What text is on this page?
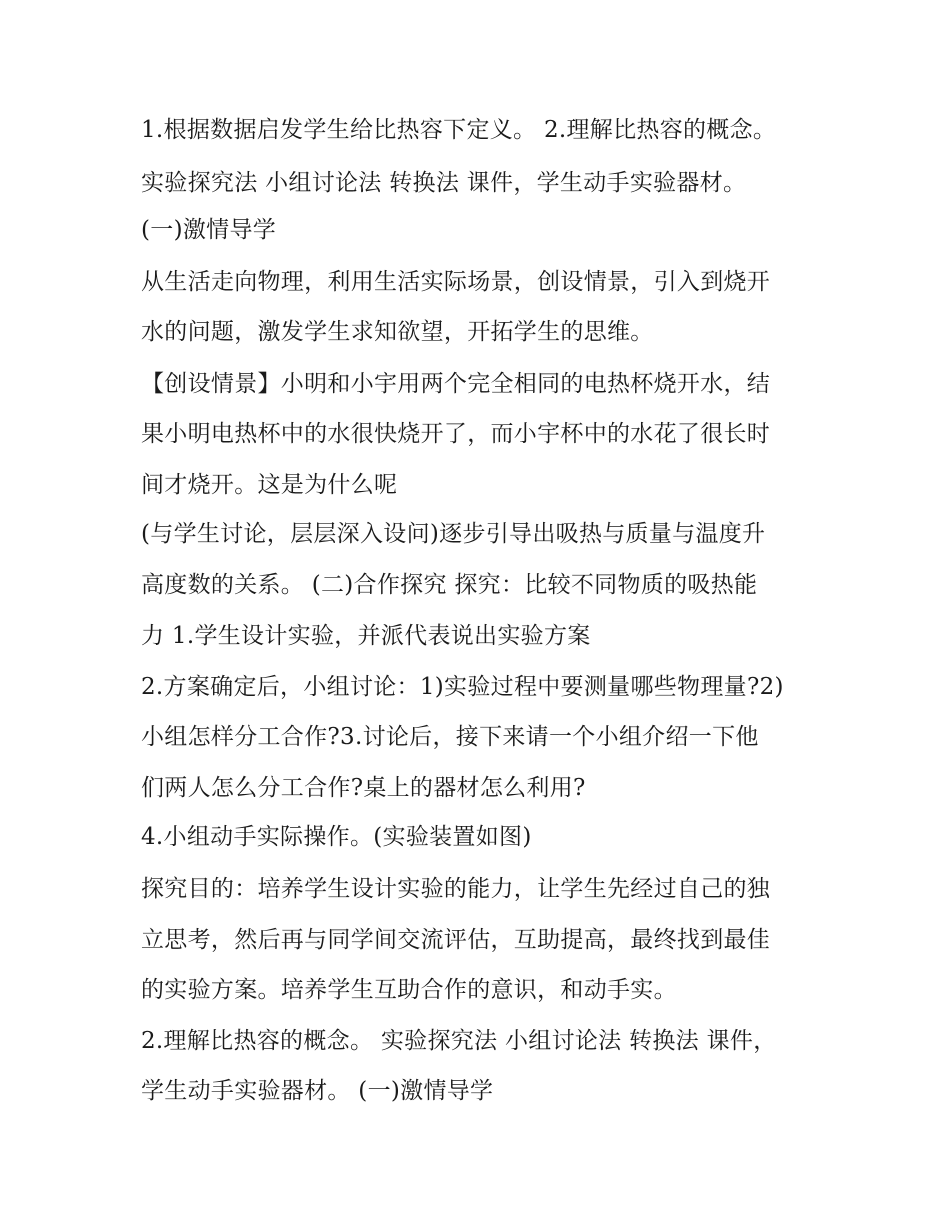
1.根据数据启发学生给比热容下定义。 2.理解比热容的概念。
实验探究法 小组讨论法 转换法 课件，学生动手实验器材。
(一)激情导学
从生活走向物理，利用生活实际场景，创设情景，引入到烧开
水的问题，激发学生求知欲望，开拓学生的思维。
【创设情景】小明和小宇用两个完全相同的电热杯烧开水，结
果小明电热杯中的水很快烧开了，而小宇杯中的水花了很长时
间才烧开。这是为什么呢
(与学生讨论，层层深入设问)逐步引导出吸热与质量与温度升
高度数的关系。 (二)合作探究 探究：比较不同物质的吸热能
力 1.学生设计实验，并派代表说出实验方案
2.方案确定后，小组讨论：1)实验过程中要测量哪些物理量?2)
小组怎样分工合作?3.讨论后，接下来请一个小组介绍一下他
们两人怎么分工合作?桌上的器材怎么利用?
4.小组动手实际操作。(实验装置如图)
探究目的：培养学生设计实验的能力，让学生先经过自己的独
立思考，然后再与同学间交流评估，互助提高，最终找到最佳
的实验方案。培养学生互助合作的意识，和动手实。
2.理解比热容的概念。 实验探究法 小组讨论法 转换法 课件，
学生动手实验器材。 (一)激情导学
